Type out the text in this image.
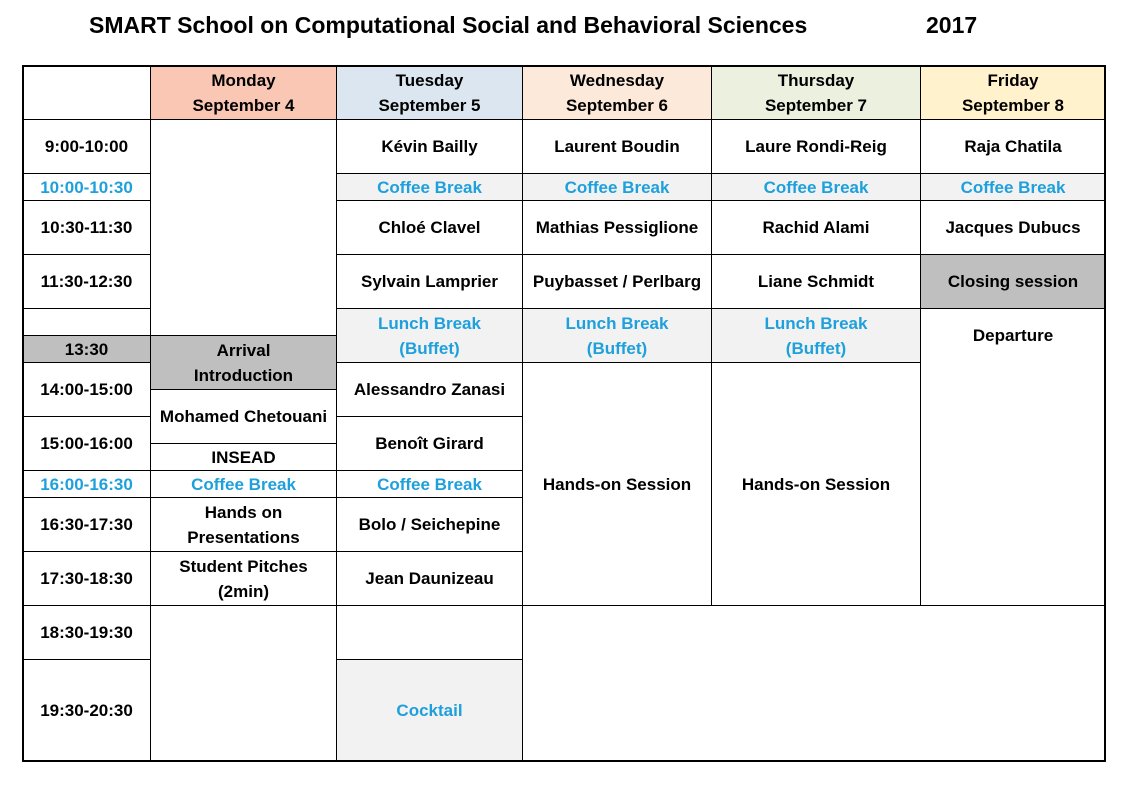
SMART School on Computational Social and Behavioral Sciences	2017
Monday
September 4
Tuesday
September 5
Wednesday
September 6
Thursday
September 7
Friday
September 8
9:00-10:00
10:00-10:30
10:30-11:30
11:30-12:30
13:30
14:00-15:00
15:00-16:00
16:00-16:30
16:30-17:30
17:30-18:30
18:30-19:30
19:30-20:30
Arrival
Introduction
Mohamed Chetouani
INSEAD
Coffee Break
Hands on
Presentations
Student Pitches
(2min)
Kévin Bailly
Coffee Break
Chloé Clavel
Sylvain Lamprier
Lunch Break
(Buffet)
Alessandro Zanasi
Benoît Girard
Coffee Break
Bolo / Seichepine
Jean Daunizeau
Cocktail
Laurent Boudin
Coffee Break
Mathias Pessiglione
Puybasset / Perlbarg
Lunch Break
(Buffet)
Hands-on Session
Laure Rondi-Reig
Coffee Break
Rachid Alami
Liane Schmidt
Lunch Break
(Buffet)
Hands-on Session
Raja Chatila
Coffee Break
Jacques Dubucs
Closing session
Departure
